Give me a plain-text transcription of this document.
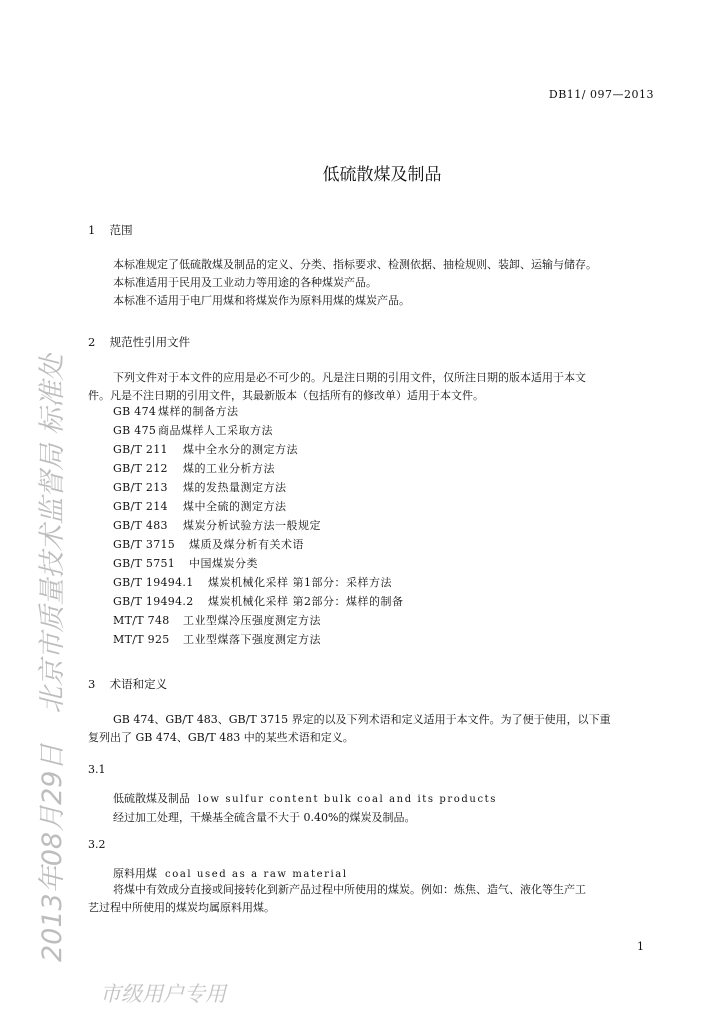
DB11/ 097—2013
低硫散煤及制品
1 范围
本标准规定了低硫散煤及制品的定义、分类、指标要求、检测依据、抽检规则、装卸、运输与储存。
本标准适用于民用及工业动力等用途的各种煤炭产品。
本标准不适用于电厂用煤和将煤炭作为原料用煤的煤炭产品。
2 规范性引用文件
下列文件对于本文件的应用是必不可少的。凡是注日期的引用文件，仅所注日期的版本适用于本文
件。凡是不注日期的引用文件，其最新版本（包括所有的修改单）适用于本文件。
GB 474 煤样的制备方法
GB 475 商品煤样人工采取方法
GB/T 211 煤中全水分的测定方法
GB/T 212 煤的工业分析方法
GB/T 213 煤的发热量测定方法
GB/T 214 煤中全硫的测定方法
GB/T 483 煤炭分析试验方法一般规定
GB/T 3715 煤质及煤分析有关术语
GB/T 5751 中国煤炭分类
GB/T 19494.1 煤炭机械化采样 第1部分：采样方法
GB/T 19494.2 煤炭机械化采样 第2部分：煤样的制备
MT/T 748 工业型煤冷压强度测定方法
MT/T 925 工业型煤落下强度测定方法
3 术语和定义
GB 474、GB/T 483、GB/T 3715 界定的以及下列术语和定义适用于本文件。为了便于使用，以下重
复列出了 GB 474、GB/T 483 中的某些术语和定义。
3.1
低硫散煤及制品 low sulfur content bulk coal and its products
经过加工处理，干燥基全硫含量不大于 0.40%的煤炭及制品。
3.2
原料用煤 coal used as a raw material
将煤中有效成分直接或间接转化到新产品过程中所使用的煤炭。例如：炼焦、造气、液化等生产工
艺过程中所使用的煤炭均属原料用煤。
1
2013年08月29日北京市质量技术监督局 标准处
市级用户专用
